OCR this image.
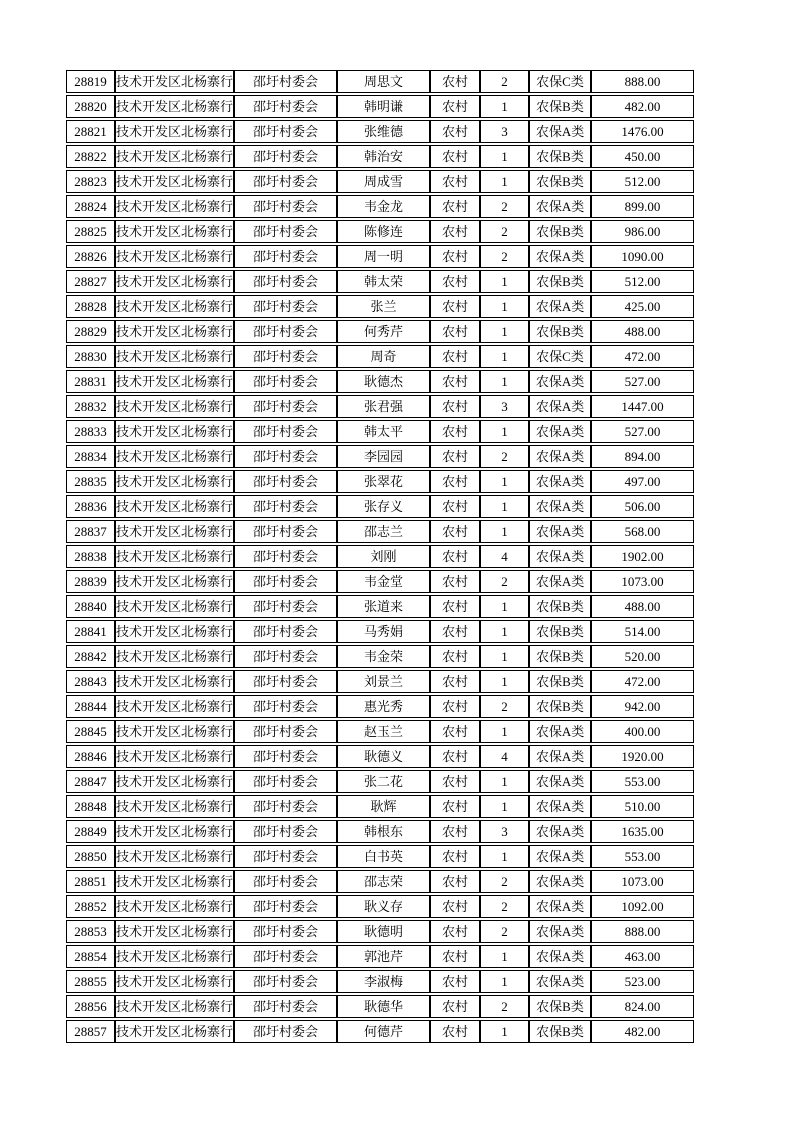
28819	技术开发区北杨寨行	邵圩村委会	周思文	农村	2	农保C类	888.00
28820	技术开发区北杨寨行	邵圩村委会	韩明谦	农村	1	农保B类	482.00
28821	技术开发区北杨寨行	邵圩村委会	张维德	农村	3	农保A类	1476.00
28822	技术开发区北杨寨行	邵圩村委会	韩治安	农村	1	农保B类	450.00
28823	技术开发区北杨寨行	邵圩村委会	周成雪	农村	1	农保B类	512.00
28824	技术开发区北杨寨行	邵圩村委会	韦金龙	农村	2	农保A类	899.00
28825	技术开发区北杨寨行	邵圩村委会	陈修连	农村	2	农保B类	986.00
28826	技术开发区北杨寨行	邵圩村委会	周一明	农村	2	农保A类	1090.00
28827	技术开发区北杨寨行	邵圩村委会	韩太荣	农村	1	农保B类	512.00
28828	技术开发区北杨寨行	邵圩村委会	张兰	农村	1	农保A类	425.00
28829	技术开发区北杨寨行	邵圩村委会	何秀芹	农村	1	农保B类	488.00
28830	技术开发区北杨寨行	邵圩村委会	周奇	农村	1	农保C类	472.00
28831	技术开发区北杨寨行	邵圩村委会	耿德杰	农村	1	农保A类	527.00
28832	技术开发区北杨寨行	邵圩村委会	张君强	农村	3	农保A类	1447.00
28833	技术开发区北杨寨行	邵圩村委会	韩太平	农村	1	农保A类	527.00
28834	技术开发区北杨寨行	邵圩村委会	李园园	农村	2	农保A类	894.00
28835	技术开发区北杨寨行	邵圩村委会	张翠花	农村	1	农保A类	497.00
28836	技术开发区北杨寨行	邵圩村委会	张存义	农村	1	农保A类	506.00
28837	技术开发区北杨寨行	邵圩村委会	邵志兰	农村	1	农保A类	568.00
28838	技术开发区北杨寨行	邵圩村委会	刘刚	农村	4	农保A类	1902.00
28839	技术开发区北杨寨行	邵圩村委会	韦金堂	农村	2	农保A类	1073.00
28840	技术开发区北杨寨行	邵圩村委会	张道来	农村	1	农保B类	488.00
28841	技术开发区北杨寨行	邵圩村委会	马秀娟	农村	1	农保B类	514.00
28842	技术开发区北杨寨行	邵圩村委会	韦金荣	农村	1	农保B类	520.00
28843	技术开发区北杨寨行	邵圩村委会	刘景兰	农村	1	农保B类	472.00
28844	技术开发区北杨寨行	邵圩村委会	惠光秀	农村	2	农保B类	942.00
28845	技术开发区北杨寨行	邵圩村委会	赵玉兰	农村	1	农保A类	400.00
28846	技术开发区北杨寨行	邵圩村委会	耿德义	农村	4	农保A类	1920.00
28847	技术开发区北杨寨行	邵圩村委会	张二花	农村	1	农保A类	553.00
28848	技术开发区北杨寨行	邵圩村委会	耿辉	农村	1	农保A类	510.00
28849	技术开发区北杨寨行	邵圩村委会	韩根东	农村	3	农保A类	1635.00
28850	技术开发区北杨寨行	邵圩村委会	白书英	农村	1	农保A类	553.00
28851	技术开发区北杨寨行	邵圩村委会	邵志荣	农村	2	农保A类	1073.00
28852	技术开发区北杨寨行	邵圩村委会	耿义存	农村	2	农保A类	1092.00
28853	技术开发区北杨寨行	邵圩村委会	耿德明	农村	2	农保A类	888.00
28854	技术开发区北杨寨行	邵圩村委会	郭池芹	农村	1	农保A类	463.00
28855	技术开发区北杨寨行	邵圩村委会	李淑梅	农村	1	农保A类	523.00
28856	技术开发区北杨寨行	邵圩村委会	耿德华	农村	2	农保B类	824.00
28857	技术开发区北杨寨行	邵圩村委会	何德芹	农村	1	农保B类	482.00
